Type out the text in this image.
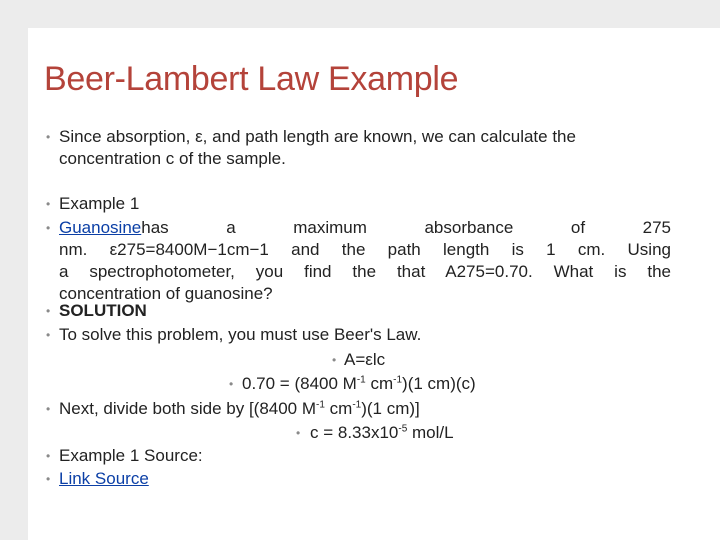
Beer-Lambert Law Example
• Since absorption, ε, and path length are known, we can calculate the
concentration c of the sample.
• Example 1
• Guanosine has a maximum absorbance of 275
nm. ε275=8400M−1cm−1 and the path length is 1 cm. Using
a spectrophotometer, you find the that A275=0.70. What is the
concentration of guanosine?
• SOLUTION
• To solve this problem, you must use Beer's Law.
• A=εlc
• 0.70 = (8400 $M^{-1}$ $cm^{-1})(1$ cm)(c)
• Next, divide both side by [(8400 $M^{-1}$ $cm^{-1})(1$ cm)]
• $c = 8.33x10^{-5}$ mol/L
• Example 1 Source:
• Link Source
